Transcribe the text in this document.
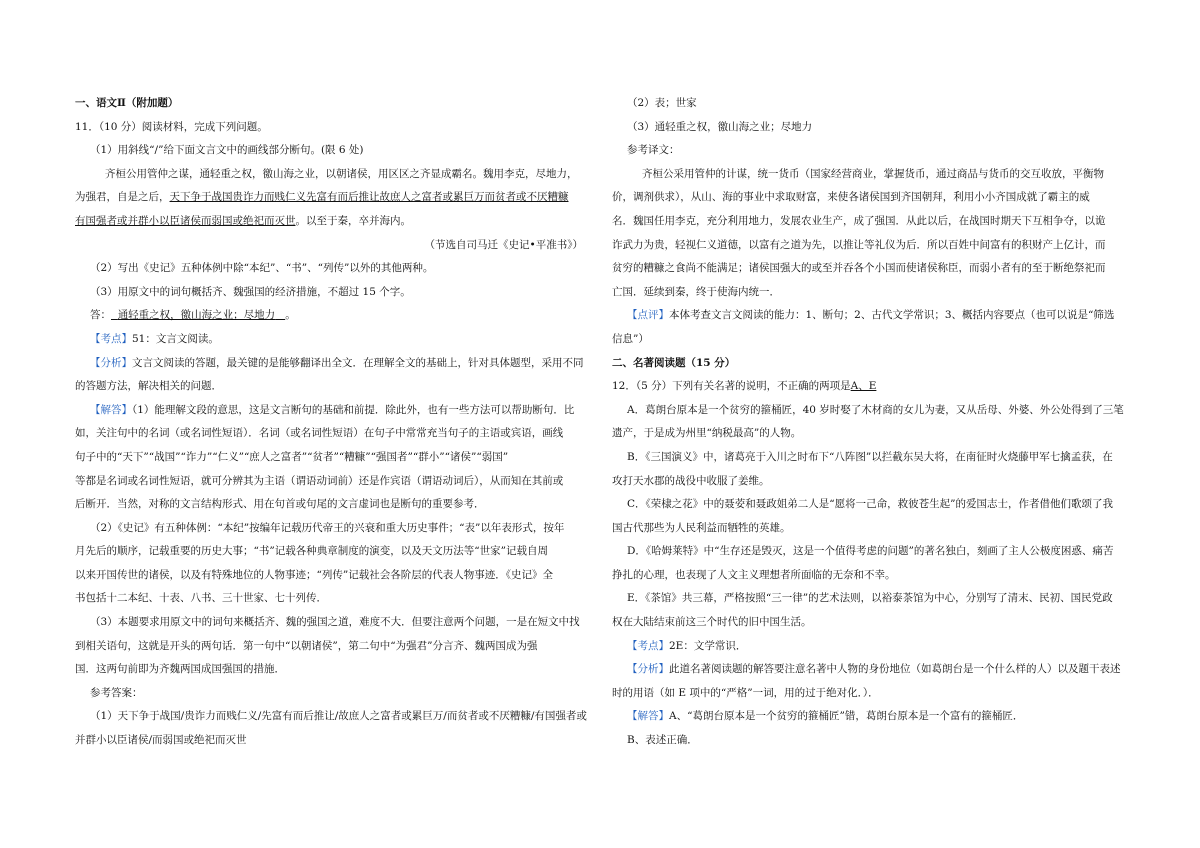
一、语文Ⅱ（附加题）

11．（10 分）阅读材料，完成下列问题。

（1）用斜线“/”给下面文言文中的画线部分断句。(限 6 处)

齐桓公用管仲之谋，通轻重之权，徼山海之业，以朝诸侯，用区区之齐显成霸名。魏用李克，尽地力，

为强君，自是之后，天下争于战国贵诈力而贱仁义先富有而后推让故庶人之富者或累巨万而贫者或不厌糟糠

有国强者或并群小以臣诸侯而弱国或绝祀而灭世。以至于秦，卒并海内。

（节选自司马迁《史记•平准书》）

（2）写出《史记》五种体例中除“本纪”、“书”、“列传”以外的其他两种。

（3）用原文中的词句概括齐、魏强国的经济措施，不超过 15 个字。

答： 通轻重之权，徼山海之业；尽地力 。

【考点】51：文言文阅读。

【分析】文言文阅读的答题，最关键的是能够翻译出全文．在理解全文的基础上，针对具体题型，采用不同

的答题方法，解决相关的问题．

【解答】（1）能理解文段的意思，这是文言断句的基础和前提．除此外，也有一些方法可以帮助断句．比

如，关注句中的名词（或名词性短语）．名词（或名词性短语）在句子中常常充当句子的主语或宾语，画线

句子中的“天下”“战国”“诈力”“仁义”“庶人之富者”“贫者”“糟糠”“强国者”“群小”“诸侯”“弱国”

等都是名词或名词性短语，就可分辨其为主语（谓语动词前）还是作宾语（谓语动词后），从而知在其前或

后断开．当然，对称的文言结构形式、用在句首或句尾的文言虚词也是断句的重要参考．

（2）《史记》有五种体例：“本纪”按编年记载历代帝王的兴衰和重大历史事件；“表”以年表形式，按年

月先后的顺序，记载重要的历史大事；“书”记载各种典章制度的演变，以及天文历法等“世家”记载自周

以来开国传世的诸侯，以及有特殊地位的人物事迹；“列传”记载社会各阶层的代表人物事迹．《史记》全

书包括十二本纪、十表、八书、三十世家、七十列传．

（3）本题要求用原文中的词句来概括齐、魏的强国之道，难度不大．但要注意两个问题，一是在短文中找

到相关语句，这就是开头的两句话．第一句中“以朝诸侯”，第二句中“为强君”分言齐、魏两国成为强

国．这两句前即为齐魏两国成国强国的措施．

参考答案：

（1）天下争于战国/贵诈力而贱仁义/先富有而后推让/故庶人之富者或累巨万/而贫者或不厌糟糠/有国强者或

并群小以臣诸侯/而弱国或绝祀而灭世

（2）表；世家

（3）通轻重之权，徼山海之业；尽地力

参考译文：

齐桓公采用管仲的计谋，统一货币（国家经营商业，掌握货币，通过商品与货币的交互收放，平衡物

价，调剂供求），从山、海的事业中求取财富，来使各诸侯国到齐国朝拜，利用小小齐国成就了霸主的威

名．魏国任用李克，充分利用地力，发展农业生产，成了强国．从此以后，在战国时期天下互相争夺，以诡

诈武力为贵，轻视仁义道德，以富有之道为先，以推让等礼仪为后．所以百姓中间富有的积财产上亿计，而

贫穷的糟糠之食尚不能满足；诸侯国强大的或至并吞各个小国而使诸侯称臣，而弱小者有的至于断绝祭祀而

亡国．延续到秦，终于使海内统一．

【点评】本体考查文言文阅读的能力：1、断句；2、古代文学常识；3、概括内容要点（也可以说是“筛选

信息”）

二、名著阅读题（15 分）

12．（5 分）下列有关名著的说明，不正确的两项是A、E

A．葛朗台原本是一个贫穷的箍桶匠，40 岁时娶了木材商的女儿为妻，又从岳母、外婆、外公处得到了三笔

遗产，于是成为州里“纳税最高”的人物。

B．《三国演义》中，诸葛亮于入川之时布下“八阵图”以拦截东吴大将，在南征时火烧藤甲军七擒孟获，在

攻打天水郡的战役中收服了姜维。

C．《荣棣之花》中的聂荌和聂政姐弟二人是“愿将一己命，救彼苍生起”的爱国志士，作者借他们歌颂了我

国古代那些为人民利益而牺牲的英雄。

D．《哈姆莱特》中“生存还是毁灭，这是一个值得考虑的问题”的著名独白，刻画了主人公极度困惑、痛苦

挣扎的心理，也表现了人文主义理想者所面临的无奈和不幸。

E．《茶馆》共三幕，严格按照“三一律”的艺术法则，以裕泰茶馆为中心，分别写了清末、民初、国民党政

权在大陆结束前这三个时代的旧中国生活。

【考点】2E：文学常识．

【分析】此道名著阅读题的解答要注意名著中人物的身份地位（如葛朗台是一个什么样的人）以及题干表述

时的用语（如 E 项中的“严格”一词，用的过于绝对化．）．

【解答】A、“葛朗台原本是一个贫穷的箍桶匠”错，葛朗台原本是一个富有的箍桶匠．

B、表述正确．
